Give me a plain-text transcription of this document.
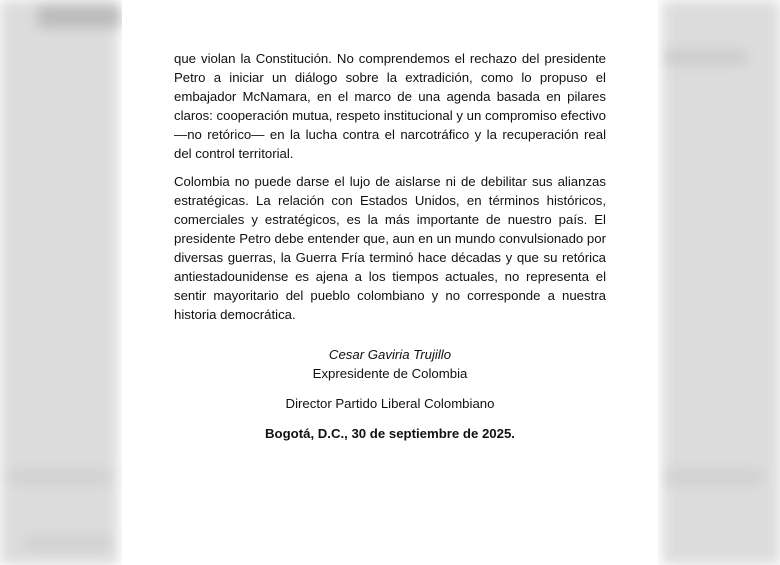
que violan la Constitución. No comprendemos el rechazo del presidente Petro a iniciar un diálogo sobre la extradición, como lo propuso el embajador McNamara, en el marco de una agenda basada en pilares claros: cooperación mutua, respeto institucional y un compromiso efectivo —no retórico— en la lucha contra el narcotráfico y la recuperación real del control territorial.

Colombia no puede darse el lujo de aislarse ni de debilitar sus alianzas estratégicas. La relación con Estados Unidos, en términos históricos, comerciales y estratégicos, es la más importante de nuestro país. El presidente Petro debe entender que, aun en un mundo convulsionado por diversas guerras, la Guerra Fría terminó hace décadas y que su retórica antiestadounidense es ajena a los tiempos actuales, no representa el sentir mayoritario del pueblo colombiano y no corresponde a nuestra historia democrática.

Cesar Gaviria Trujillo
Expresidente de Colombia
Director Partido Liberal Colombiano
Bogotá, D.C., 30 de septiembre de 2025.
